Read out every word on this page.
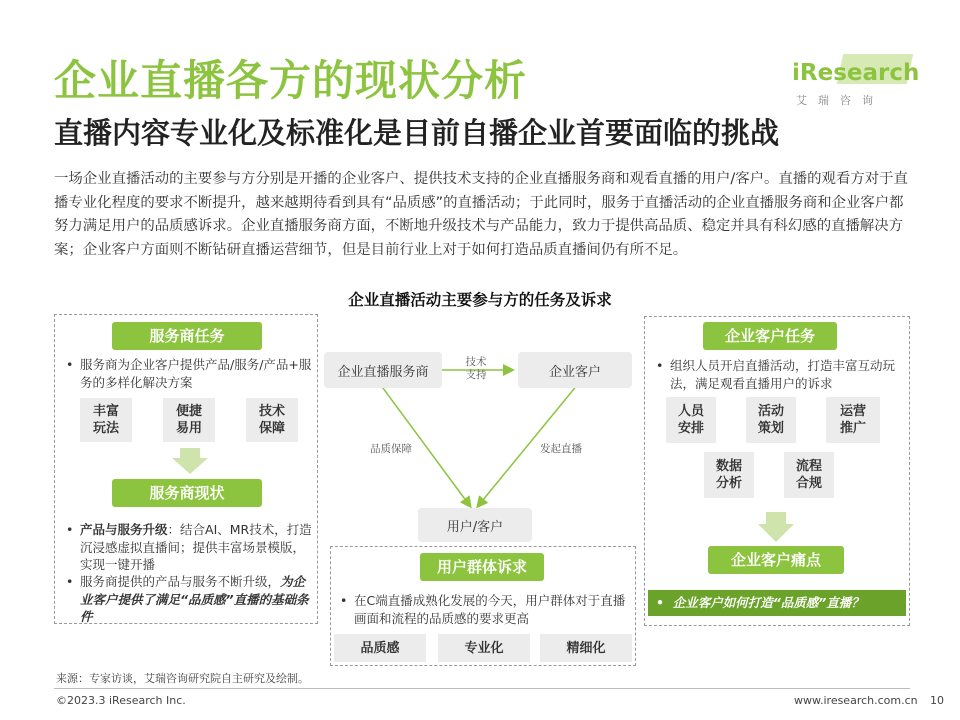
企业直播各方的现状分析
直播内容专业化及标准化是目前自播企业首要面临的挑战
一场企业直播活动的主要参与方分别是开播的企业客户、提供技术支持的企业直播服务商和观看直播的用户/客户。直播的观看方对于直播专业化程度的要求不断提升，越来越期待看到具有“品质感”的直播活动；于此同时，服务于直播活动的企业直播服务商和企业客户都努力满足用户的品质感诉求。企业直播服务商方面，不断地升级技术与产品能力，致力于提供高品质、稳定并具有科幻感的直播解决方案；企业客户方面则不断钻研直播运营细节，但是目前行业上对于如何打造品质直播间仍有所不足。
iResearch
艾瑞咨询
企业直播活动主要参与方的任务及诉求
服务商任务
• 服务商为企业客户提供产品/服务/产品+服务的多样化解决方案
丰富
玩法
便捷
易用
技术
保障
服务商现状
• 产品与服务升级：结合AI、MR技术，打造沉浸感虚拟直播间；提供丰富场景模版，实现一键开播
• 服务商提供的产品与服务不断升级，为企业客户提供了满足“品质感”直播的基础条件
企业直播服务商	企业客户
用户/客户
技术
支持
品质保障	发起直播
用户群体诉求
• 在C端直播成熟化发展的今天，用户群体对于直播画面和流程的品质感的要求更高
品质感	专业化	精细化
企业客户任务
• 组织人员开启直播活动，打造丰富互动玩法，满足观看直播用户的诉求
人员
安排
活动
策划
运营
推广
数据
分析
流程
合规
企业客户痛点
•  企业客户如何打造“品质感”直播？
来源：专家访谈，艾瑞咨询研究院自主研究及绘制。
©2023.3 iResearch Inc.	www.iresearch.com.cn 10
